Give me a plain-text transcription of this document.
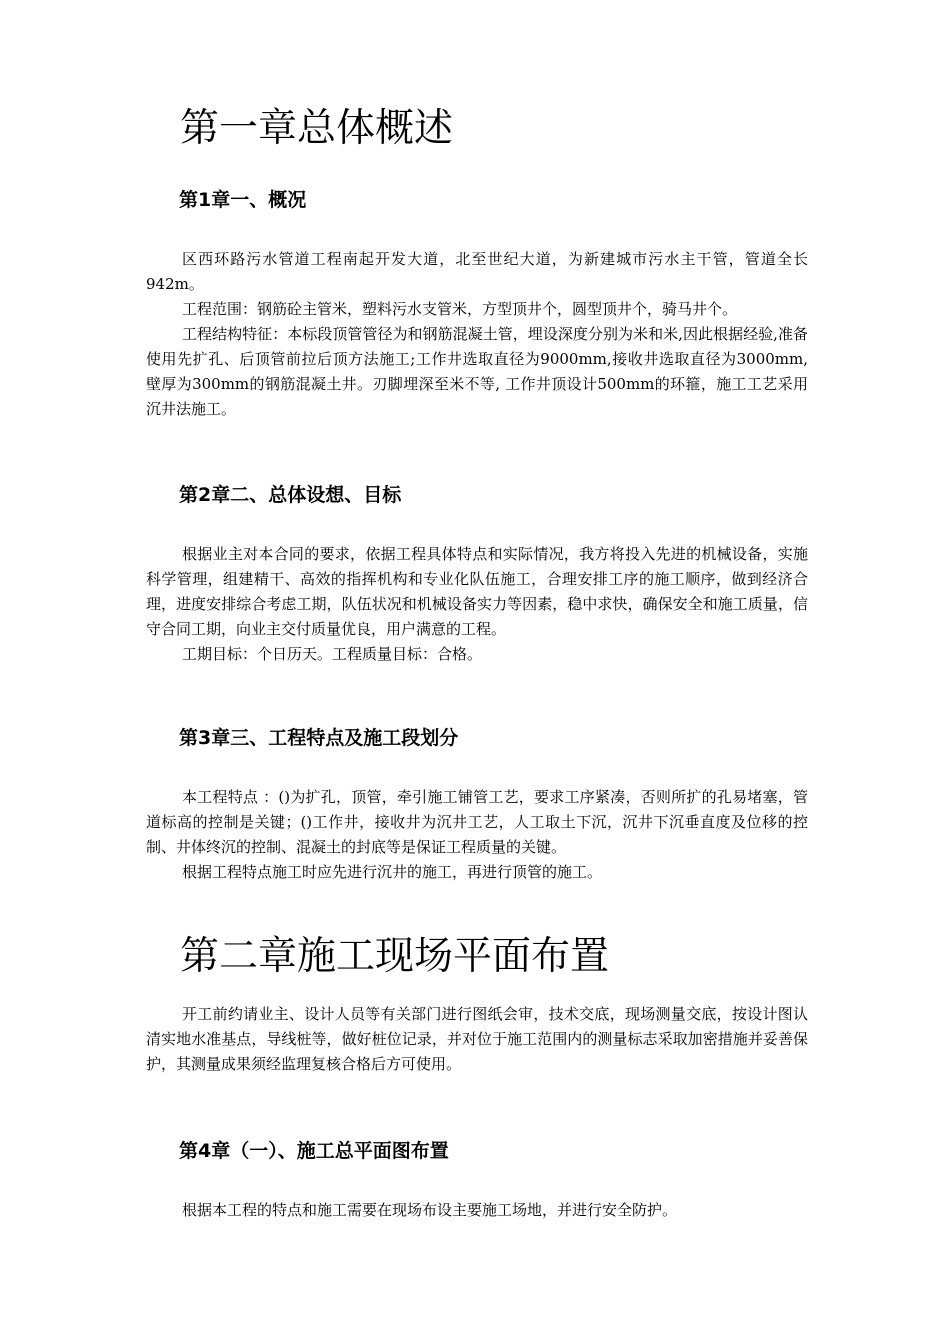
第一章总体概述
第1章一、概况

区西环路污水管道工程南起开发大道，北至世纪大道，为新建城市污水主干管，管道全长942m。

工程范围：钢筋砼主管米，塑料污水支管米，方型顶井个，圆型顶井个，骑马井个。

工程结构特征：本标段顶管管径为和钢筋混凝土管，埋设深度分别为米和米,因此根据经验,准备使用先扩孔、后顶管前拉后顶方法施工;工作井选取直径为9000mm,接收井选取直径为3000mm, 壁厚为300mm的钢筋混凝土井。刃脚埋深至米不等, 工作井顶设计500mm的环箍，施工工艺采用沉井法施工。

第2章二、总体设想、目标

根据业主对本合同的要求，依据工程具体特点和实际情况，我方将投入先进的机械设备，实施科学管理，组建精干、高效的指挥机构和专业化队伍施工，合理安排工序的施工顺序，做到经济合理，进度安排综合考虑工期，队伍状况和机械设备实力等因素，稳中求快，确保安全和施工质量，信守合同工期，向业主交付质量优良，用户满意的工程。

工期目标：个日历天。工程质量目标：合格。

第3章三、工程特点及施工段划分

本工程特点 ：()为扩孔，顶管，牵引施工铺管工艺，要求工序紧凑，否则所扩的孔易堵塞，管道标高的控制是关键；()工作井，接收井为沉井工艺，人工取土下沉，沉井下沉垂直度及位移的控制、井体终沉的控制、混凝土的封底等是保证工程质量的关键。

根据工程特点施工时应先进行沉井的施工，再进行顶管的施工。

第二章施工现场平面布置

开工前约请业主、设计人员等有关部门进行图纸会审，技术交底，现场测量交底，按设计图认清实地水准基点，导线桩等，做好桩位记录，并对位于施工范围内的测量标志采取加密措施并妥善保护，其测量成果须经监理复核合格后方可使用。

第4章（一）、施工总平面图布置

根据本工程的特点和施工需要在现场布设主要施工场地，并进行安全防护。
